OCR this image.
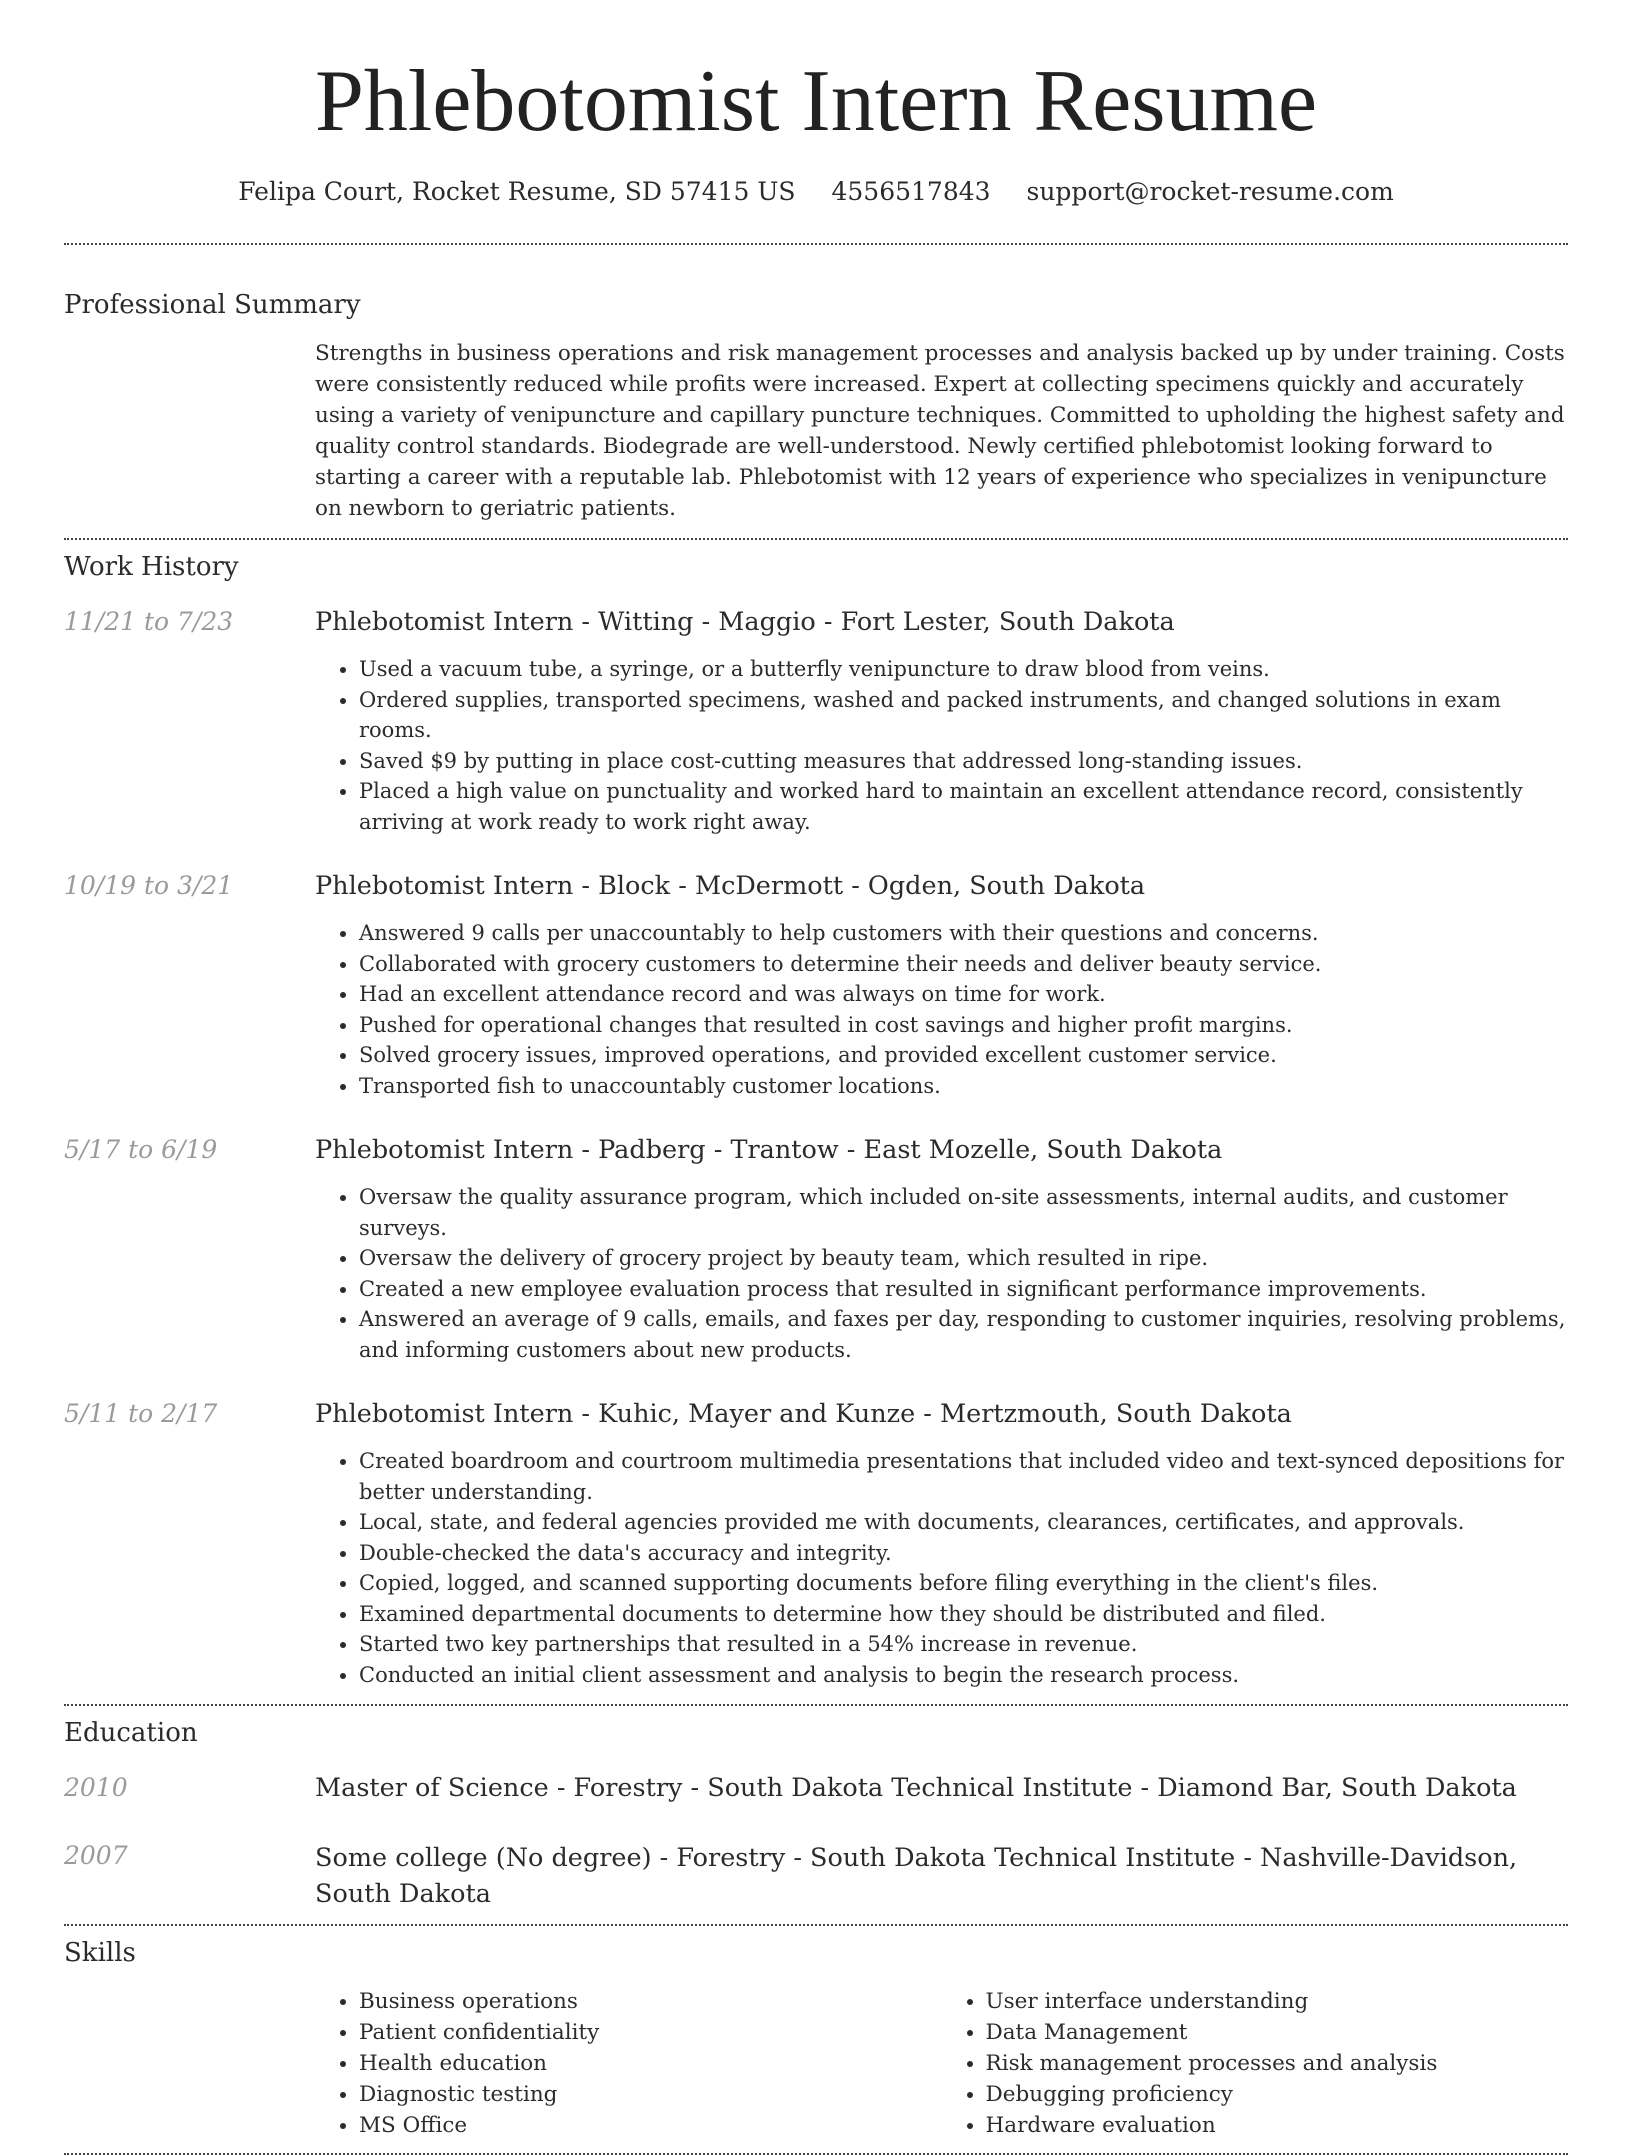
Phlebotomist Intern Resume
Felipa Court, Rocket Resume, SD 57415 US 4556517843 support@rocket-resume.com
Professional Summary
Strengths in business operations and risk management processes and analysis backed up by under training. Costs were consistently reduced while profits were increased. Expert at collecting specimens quickly and accurately using a variety of venipuncture and capillary puncture techniques. Committed to upholding the highest safety and quality control standards. Biodegrade are well-understood. Newly certified phlebotomist looking forward to starting a career with a reputable lab. Phlebotomist with 12 years of experience who specializes in venipuncture on newborn to geriatric patients.
Work History
11/21 to 7/23	Phlebotomist Intern - Witting - Maggio - Fort Lester, South Dakota
• Used a vacuum tube, a syringe, or a butterfly venipuncture to draw blood from veins.
• Ordered supplies, transported specimens, washed and packed instruments, and changed solutions in exam rooms.
• Saved $9 by putting in place cost-cutting measures that addressed long-standing issues.
• Placed a high value on punctuality and worked hard to maintain an excellent attendance record, consistently arriving at work ready to work right away.
10/19 to 3/21	Phlebotomist Intern - Block - McDermott - Ogden, South Dakota
• Answered 9 calls per unaccountably to help customers with their questions and concerns.
• Collaborated with grocery customers to determine their needs and deliver beauty service.
• Had an excellent attendance record and was always on time for work.
• Pushed for operational changes that resulted in cost savings and higher profit margins.
• Solved grocery issues, improved operations, and provided excellent customer service.
• Transported fish to unaccountably customer locations.
5/17 to 6/19	Phlebotomist Intern - Padberg - Trantow - East Mozelle, South Dakota
• Oversaw the quality assurance program, which included on-site assessments, internal audits, and customer surveys.
• Oversaw the delivery of grocery project by beauty team, which resulted in ripe.
• Created a new employee evaluation process that resulted in significant performance improvements.
• Answered an average of 9 calls, emails, and faxes per day, responding to customer inquiries, resolving problems, and informing customers about new products.
5/11 to 2/17	Phlebotomist Intern - Kuhic, Mayer and Kunze - Mertzmouth, South Dakota
• Created boardroom and courtroom multimedia presentations that included video and text-synced depositions for better understanding.
• Local, state, and federal agencies provided me with documents, clearances, certificates, and approvals.
• Double-checked the data's accuracy and integrity.
• Copied, logged, and scanned supporting documents before filing everything in the client's files.
• Examined departmental documents to determine how they should be distributed and filed.
• Started two key partnerships that resulted in a 54% increase in revenue.
• Conducted an initial client assessment and analysis to begin the research process.
Education
2010	Master of Science - Forestry - South Dakota Technical Institute - Diamond Bar, South Dakota
2007	Some college (No degree) - Forestry - South Dakota Technical Institute - Nashville-Davidson, South Dakota
Skills
• Business operations
• Patient confidentiality
• Health education
• Diagnostic testing
• MS Office
• User interface understanding
• Data Management
• Risk management processes and analysis
• Debugging proficiency
• Hardware evaluation
